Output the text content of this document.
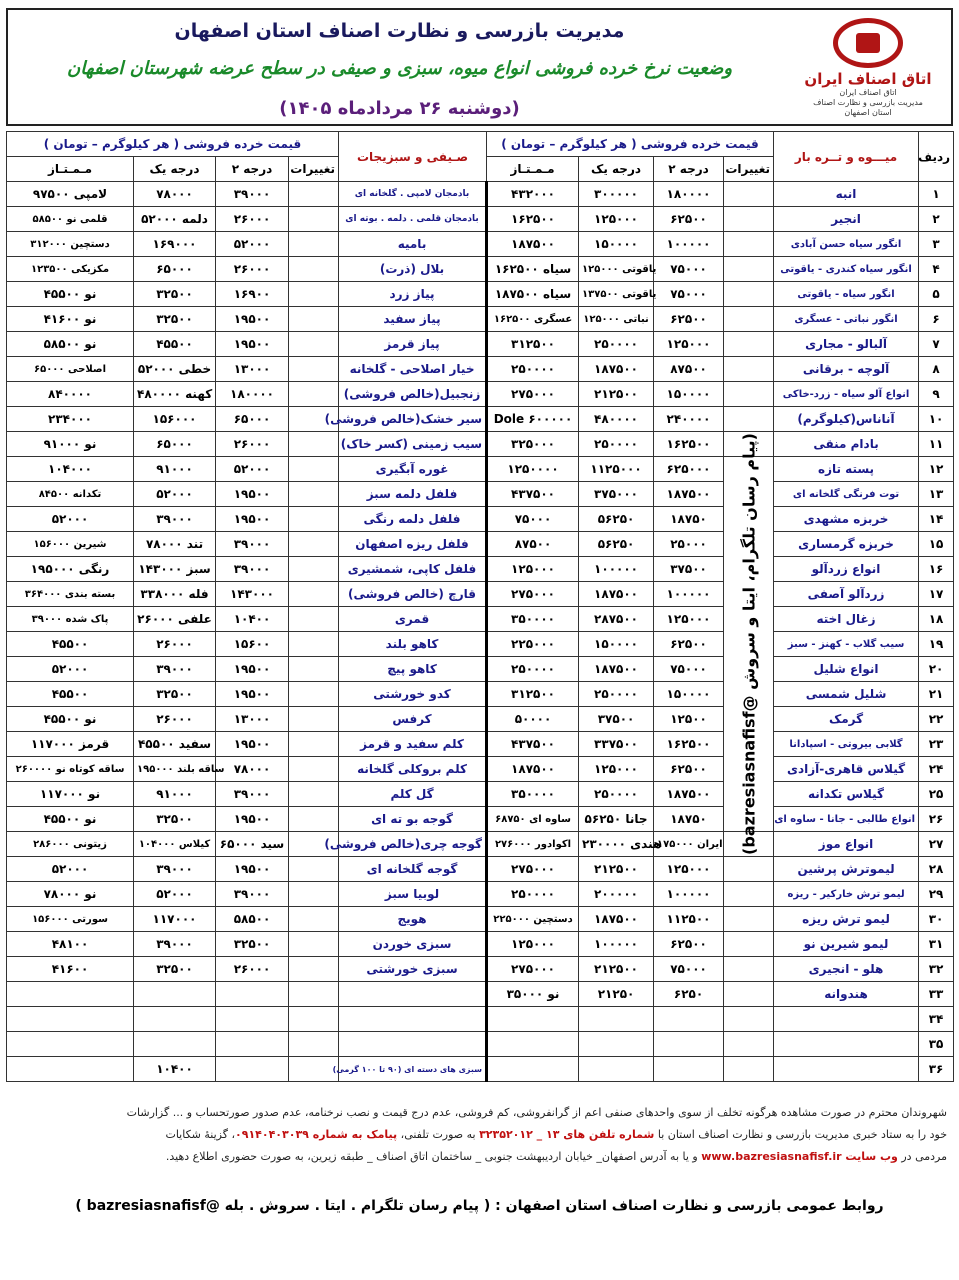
مدیریت بازرسی و نظارت اصناف استان اصفهان
وضعیت نرخ خرده فروشی انواع میوه، سبزی و صیفی در سطح عرضه شهرستان اصفهان
(دوشنبه ۲۶ مردادماه ۱۴۰۵)
اتاق اصناف ایران
اتاق اصناف ایران
مدیریت بازرسی و نظارت اصناف
استان اصفهان
ردیف	میـــوه و تــره بار	قیمت خرده فروشی ( هر کیلوگرم – تومان )				صـیفی و سبزیجات	قیمت خرده فروشی ( هر کیلوگرم – تومان )			
		تغییرات	درجه ۲	درجه یک	مـمـتـاز		تغییرات	درجه ۲	درجه یک	مـمـتـاز
۱	انبه		۱۸۰۰۰۰	۳۰۰۰۰۰	۴۳۲۰۰۰	بادمجان لامپی . گلخانه ای		۳۹۰۰۰	۷۸۰۰۰	۹۷۵۰۰ لامپی
۲	انجیر		۶۲۵۰۰	۱۲۵۰۰۰	۱۶۲۵۰۰	بادمجان قلمی . دلمه . بوته ای		۲۶۰۰۰	دلمه ۵۲۰۰۰	قلمی نو ۵۸۵۰۰
۳	انگور سیاه حسن آبادی		۱۰۰۰۰۰	۱۵۰۰۰۰	۱۸۷۵۰۰	بامیه		۵۲۰۰۰	۱۶۹۰۰۰	دستچین ۳۱۲۰۰۰
۴	انگور سیاه کندری - یاقوتی		۷۵۰۰۰	یاقوتی ۱۲۵۰۰۰	سیاه ۱۶۲۵۰۰	بلال (ذرت)		۲۶۰۰۰	۶۵۰۰۰	مکزیکی ۱۲۳۵۰۰
۵	انگور سیاه - یاقوتی		۷۵۰۰۰	یاقوتی ۱۳۷۵۰۰	سیاه ۱۸۷۵۰۰	پیاز زرد		۱۶۹۰۰	۳۲۵۰۰	نو ۴۵۵۰۰
۶	انگور نباتی - عسگری		۶۲۵۰۰	نباتی ۱۲۵۰۰۰	عسگری ۱۶۲۵۰۰	پیاز سفید		۱۹۵۰۰	۳۲۵۰۰	نو ۴۱۶۰۰
۷	آلبالو - مجاری		۱۲۵۰۰۰	۲۵۰۰۰۰	۳۱۲۵۰۰	پیاز قرمز		۱۹۵۰۰	۴۵۵۰۰	نو ۵۸۵۰۰
۸	آلوچه - برقانی		۸۷۵۰۰	۱۸۷۵۰۰	۲۵۰۰۰۰	خیار اصلاحی - گلخانه		۱۳۰۰۰	خطی ۵۲۰۰۰	اصلاحی ۶۵۰۰۰
۹	انواع آلو سیاه - زرد-خاکی		۱۵۰۰۰۰	۲۱۲۵۰۰	۲۷۵۰۰۰	زنجبیل(خالص فروشی)		۱۸۰۰۰۰	کهنه ۴۸۰۰۰۰	۸۴۰۰۰۰
۱۰	آناناس(کیلوگرم)		۲۴۰۰۰۰	۴۸۰۰۰۰	Dole ۶۰۰۰۰۰	سیر خشک(خالص فروشی)		۶۵۰۰۰	۱۵۶۰۰۰	۲۳۴۰۰۰
۱۱	بادام منقی		۱۶۲۵۰۰	۲۵۰۰۰۰	۳۲۵۰۰۰	سیب زمینی (کسر خاک)		۲۶۰۰۰	۶۵۰۰۰	۹۱۰۰۰ نو
۱۲	پسته تازه	(پیام رسان تلگرام، ایتا و سروش @bazresiasnafisf)	۶۲۵۰۰۰	۱۱۲۵۰۰۰	۱۲۵۰۰۰۰	غوره آبگیری		۵۲۰۰۰	۹۱۰۰۰	۱۰۴۰۰۰
۱۳	توت فرنگی گلخانه ای		۱۸۷۵۰۰	۳۷۵۰۰۰	۴۳۷۵۰۰	فلفل دلمه سبز		۱۹۵۰۰	۵۲۰۰۰	۸۴۵۰۰ تکدانه
۱۴	خربزه مشهدی		۱۸۷۵۰	۵۶۲۵۰	۷۵۰۰۰	فلفل دلمه رنگی		۱۹۵۰۰	۳۹۰۰۰	۵۲۰۰۰
۱۵	خربزه گرمساری		۲۵۰۰۰	۵۶۲۵۰	۸۷۵۰۰	فلفل ریزه اصفهان		۳۹۰۰۰	۷۸۰۰۰ تند	۱۵۶۰۰۰ شیرین
۱۶	انواع زردآلو		۳۷۵۰۰	۱۰۰۰۰۰	۱۲۵۰۰۰	فلفل کاپی، شمشیری		۳۹۰۰۰	سبز ۱۴۳۰۰۰	رنگی ۱۹۵۰۰۰
۱۷	زردآلو آصفی		۱۰۰۰۰۰	۱۸۷۵۰۰	۲۷۵۰۰۰	قارچ (خالص فروشی)		۱۴۳۰۰۰	فله ۳۳۸۰۰۰	۳۶۴۰۰۰ بسته بندی
۱۸	زغال اخته		۱۲۵۰۰۰	۲۸۷۵۰۰	۳۵۰۰۰۰	قمری		۱۰۴۰۰	علفی ۲۶۰۰۰	پاک شده ۳۹۰۰۰
۱۹	سیب گلاب - کهنز - سبز		۶۲۵۰۰	۱۵۰۰۰۰	۲۲۵۰۰۰	کاهو بلند		۱۵۶۰۰	۲۶۰۰۰	۴۵۵۰۰
۲۰	انواع شلیل		۷۵۰۰۰	۱۸۷۵۰۰	۲۵۰۰۰۰	کاهو پیچ		۱۹۵۰۰	۳۹۰۰۰	۵۲۰۰۰
۲۱	شلیل شمسی		۱۵۰۰۰۰	۲۵۰۰۰۰	۳۱۲۵۰۰	کدو خورشتی		۱۹۵۰۰	۳۲۵۰۰	۴۵۵۰۰
۲۲	گرمک		۱۲۵۰۰	۳۷۵۰۰	۵۰۰۰۰	کرفس		۱۳۰۰۰	۲۶۰۰۰	نو ۴۵۵۰۰
۲۳	گلابی بیروتی - اسپادانا		۱۶۲۵۰۰	۳۳۷۵۰۰	۴۳۷۵۰۰	کلم سفید و قرمز		۱۹۵۰۰	سفید ۴۵۵۰۰	قرمز ۱۱۷۰۰۰
۲۴	گیلاس قاهری-آزادی		۶۲۵۰۰	۱۲۵۰۰۰	۱۸۷۵۰۰	کلم بروکلی گلخانه		۷۸۰۰۰	۱۹۵۰۰۰ ساقه بلند	ساقه کوتاه نو ۲۶۰۰۰۰
۲۵	گیلاس تکدانه		۱۸۷۵۰۰	۲۵۰۰۰۰	۳۵۰۰۰۰	گل کلم		۳۹۰۰۰	۹۱۰۰۰	نو ۱۱۷۰۰۰
۲۶	انواع طالبی - جانا - ساوه ای		۱۸۷۵۰	جانا ۵۶۲۵۰	ساوه ای ۶۸۷۵۰	گوجه بو ته ای		۱۹۵۰۰	۳۲۵۰۰	نو ۴۵۵۰۰
۲۷	انواع موز		ایران ۱۷۵۰۰۰	۲۳۰۰۰۰ هندی	اکوادور ۲۷۶۰۰۰	گوجه چری(خالص فروشی)		۶۵۰۰۰ سید	۱۰۴۰۰۰ کیلاس	زیتونی ۲۸۶۰۰۰
۲۸	لیموترش پرشین		۱۲۵۰۰۰	۲۱۲۵۰۰	۲۷۵۰۰۰	گوجه گلخانه ای		۱۹۵۰۰	۳۹۰۰۰	۵۲۰۰۰
۲۹	لیمو ترش خارکیر - ریزه		۱۰۰۰۰۰	۲۰۰۰۰۰	۲۵۰۰۰۰	لوبیا سبز		۳۹۰۰۰	۵۲۰۰۰	نو ۷۸۰۰۰
۳۰	لیمو ترش ریزه		۱۱۲۵۰۰	۱۸۷۵۰۰	۲۲۵۰۰۰ دستچین	هویج		۵۸۵۰۰	۱۱۷۰۰۰	سورتی ۱۵۶۰۰۰
۳۱	لیمو شیرین نو		۶۲۵۰۰	۱۰۰۰۰۰	۱۲۵۰۰۰	سبزی خوردن		۳۲۵۰۰	۳۹۰۰۰	۴۸۱۰۰
۳۲	هلو - انجیری		۷۵۰۰۰	۲۱۲۵۰۰	۲۷۵۰۰۰	سبزی خورشتی		۲۶۰۰۰	۳۲۵۰۰	۴۱۶۰۰
۳۳	هندوانه		۶۲۵۰	۲۱۲۵۰	نو ۳۵۰۰۰					
۳۴										
۳۵										
۳۶						سبزی های دسته ای (۹۰ تا ۱۰۰ گرمی)			۱۰۴۰۰	
شهروندان محترم در صورت مشاهده هرگونه تخلف از سوی واحدهای صنفی اعم از گرانفروشی، کم فروشی، عدم درج قیمت و نصب نرخنامه، عدم صدور صورتحساب و ... گزارشات
خود را به ستاد خبری مدیریت بازرسی و نظارت اصناف استان با شماره تلفن های ۱۳ _ ۳۲۳۵۲۰۱۲ به صورت تلفنی، پیامک به شماره ۰۹۱۴۰۴۰۳۰۳۹، گزینهٔ شکایات
مردمی در وب سایت www.bazresiasnafisf.ir و یا به آدرس اصفهان_ خیابان اردیبهشت جنوبی _ ساختمان اتاق اصناف _ طبقه زیرین، به صورت حضوری اطلاع دهید.
روابط عمومی بازرسی و نظارت اصناف استان اصفهان : ( پیام رسان تلگرام . ایتا . سروش . بله @bazresiasnafisf )
